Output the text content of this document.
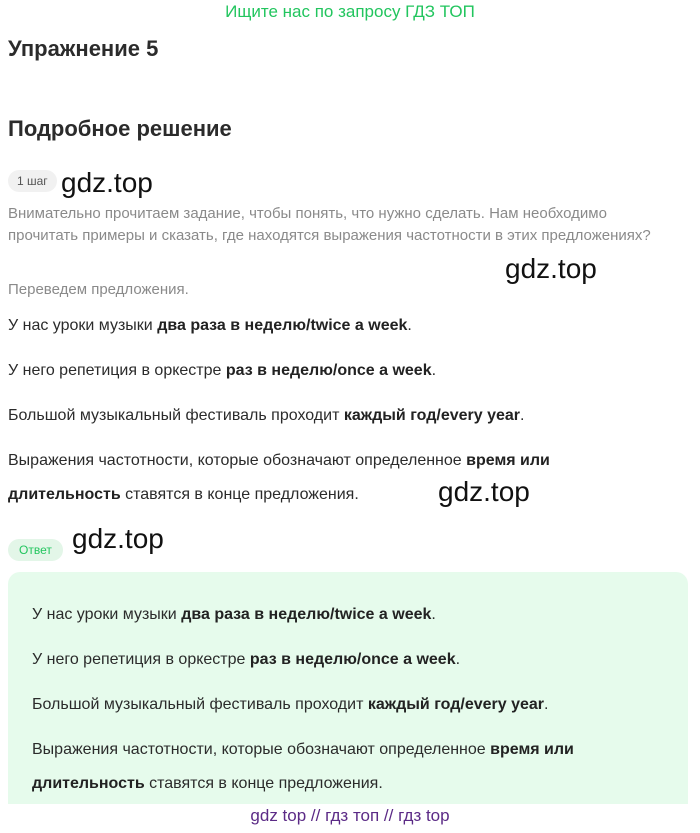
Ищите нас по запросу ГДЗ ТОП
Упражнение 5
Подробное решение
1 шаг gdz.top
Внимательно прочитаем задание, чтобы понять, что нужно сделать. Нам необходимо прочитать примеры и сказать, где находятся выражения частотности в этих предложениях?
gdz.top
Переведем предложения.
У нас уроки музыки два раза в неделю/twice a week.
У него репетиция в оркестре раз в неделю/once a week.
Большой музыкальный фестиваль проходит каждый год/every year.
Выражения частотности, которые обозначают определенное время или длительность ставятся в конце предложения.	gdz.top
Ответ gdz.top
У нас уроки музыки два раза в неделю/twice a week.
У него репетиция в оркестре раз в неделю/once a week.
Большой музыкальный фестиваль проходит каждый год/every year.
Выражения частотности, которые обозначают определенное время или длительность ставятся в конце предложения.
gdz top // гдз топ // гдз top
